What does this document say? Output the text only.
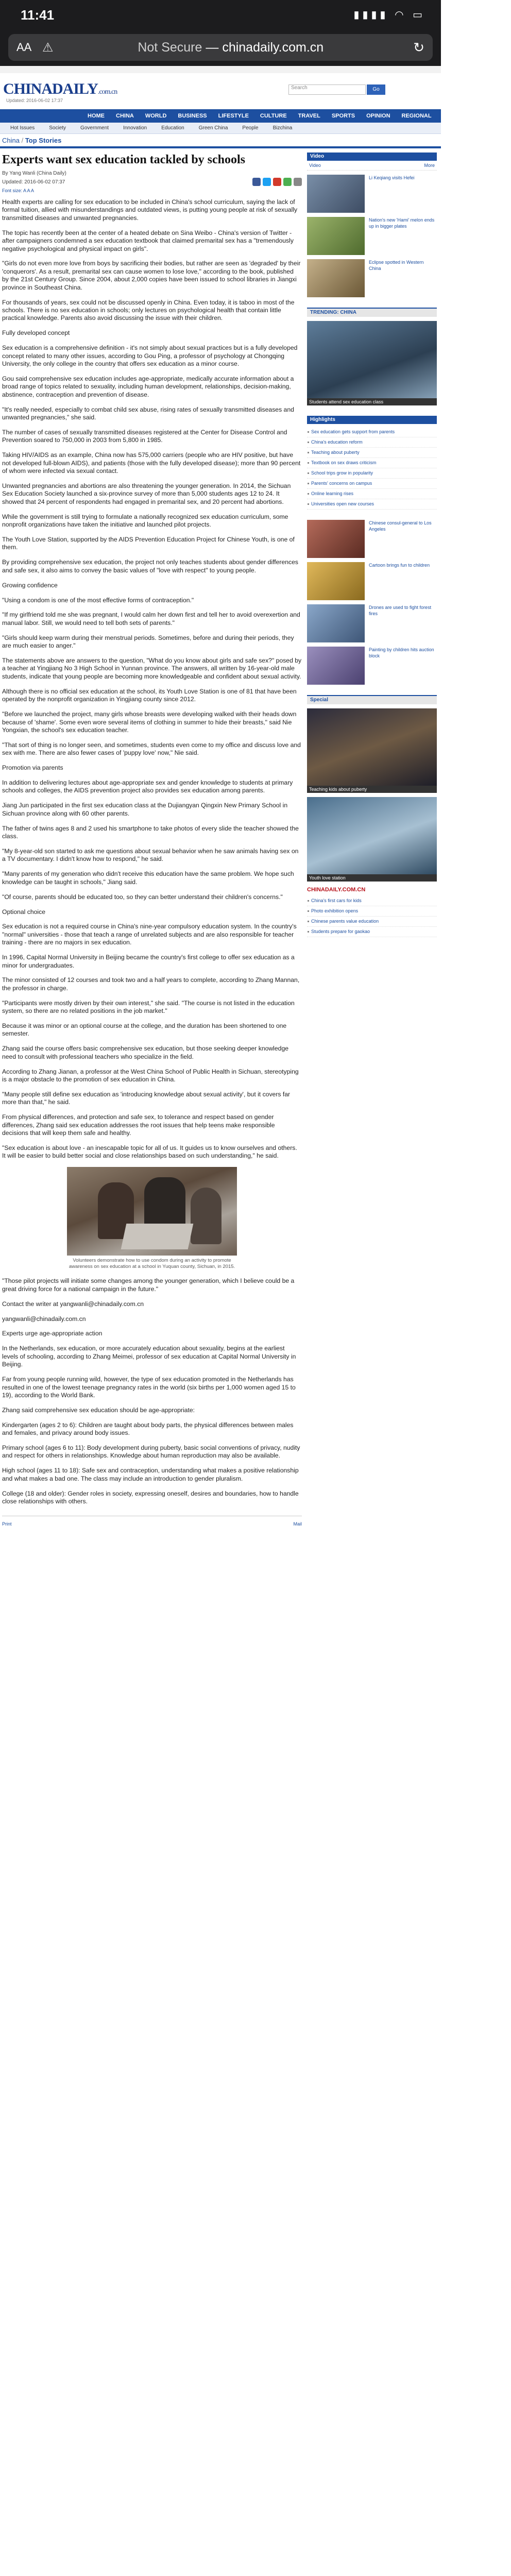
11:41	▮▮▮▮ ◠ ▭
AA ⚠	Not Secure — chinadaily.com.cn	↻
CHINADAILY.com.cn
Updated: 2016-06-02 17:37
Search	Go
HOME CHINA WORLD BUSINESS LIFESTYLE CULTURE TRAVEL SPORTS OPINION REGIONAL FORUM NEWSPAPER
Hot Issues	Society	Government	Innovation	Education	Green China	People	Bizchina
China / Top Stories
Experts want sex education tackled by schools
By Yang Wanli (China Daily)
Updated: 2016-06-02 07:37
Font size: A A A

Health experts are calling for sex education to be included in China's school curriculum, saying the lack of formal tuition, allied with misunderstandings and outdated views, is putting young people at risk of sexually transmitted diseases and unwanted pregnancies.

The topic has recently been at the center of a heated debate on Sina Weibo - China's version of Twitter - after campaigners condemned a sex education textbook that claimed premarital sex has a "tremendously negative psychological and physical impact on girls".

"Girls do not even more love from boys by sacrificing their bodies, but rather are seen as 'degraded' by their 'conquerors'. As a result, premarital sex can cause women to lose love," according to the book, published by the 21st Century Group. Since 2004, about 2,000 copies have been issued to school libraries in Jiangxi province in Southeast China.

For thousands of years, sex could not be discussed openly in China. Even today, it is taboo in most of the schools. There is no sex education in schools; only lectures on psychological health that contain little practical knowledge. Parents also avoid discussing the issue with their children.

Fully developed concept

Sex education is a comprehensive definition - it's not simply about sexual practices but is a fully developed concept related to many other issues, according to Gou Ping, a professor of psychology at Chongqing University, the only college in the country that offers sex education as a minor course.

Gou said comprehensive sex education includes age-appropriate, medically accurate information about a broad range of topics related to sexuality, including human development, relationships, decision-making, abstinence, contraception and prevention of disease.

"It's really needed, especially to combat child sex abuse, rising rates of sexually transmitted diseases and unwanted pregnancies," she said.

The number of cases of sexually transmitted diseases registered at the Center for Disease Control and Prevention soared to 750,000 in 2003 from 5,800 in 1985.

Taking HIV/AIDS as an example, China now has 575,000 carriers (people who are HIV positive, but have not developed full-blown AIDS), and patients (those with the fully developed disease); more than 90 percent of whom were infected via sexual contact.

Unwanted pregnancies and abortions are also threatening the younger generation. In 2014, the Sichuan Sex Education Society launched a six-province survey of more than 5,000 students ages 12 to 24. It showed that 24 percent of respondents had engaged in premarital sex, and 20 percent had abortions.

While the government is still trying to formulate a nationally recognized sex education curriculum, some nonprofit organizations have taken the initiative and launched pilot projects.

The Youth Love Station, supported by the AIDS Prevention Education Project for Chinese Youth, is one of them.

By providing comprehensive sex education, the project not only teaches students about gender differences and safe sex, it also aims to convey the basic values of "love with respect" to young people.

Growing confidence

"Using a condom is one of the most effective forms of contraception."

"If my girlfriend told me she was pregnant, I would calm her down first and tell her to avoid overexertion and manual labor. Still, we would need to tell both sets of parents."

"Girls should keep warm during their menstrual periods. Sometimes, before and during their periods, they are much easier to anger."

The statements above are answers to the question, "What do you know about girls and safe sex?" posed by a teacher at Yingjiang No 3 High School in Yunnan province. The answers, all written by 16-year-old male students, indicate that young people are becoming more knowledgeable and confident about sexual activity.

Although there is no official sex education at the school, its Youth Love Station is one of 81 that have been operated by the nonprofit organization in Yingjiang county since 2012.

"Before we launched the project, many girls whose breasts were developing walked with their heads down because of 'shame'. Some even wore several items of clothing in summer to hide their breasts," said Nie Yongxian, the school's sex education teacher.

"That sort of thing is no longer seen, and sometimes, students even come to my office and discuss love and sex with me. There are also fewer cases of 'puppy love' now," Nie said.

Promotion via parents

In addition to delivering lectures about age-appropriate sex and gender knowledge to students at primary schools and colleges, the AIDS prevention project also provides sex education among parents.

Jiang Jun participated in the first sex education class at the Dujiangyan Qingxin New Primary School in Sichuan province along with 60 other parents.

The father of twins ages 8 and 2 used his smartphone to take photos of every slide the teacher showed the class.

"My 8-year-old son started to ask me questions about sexual behavior when he saw animals having sex on a TV documentary. I didn't know how to respond," he said.

"Many parents of my generation who didn't receive this education have the same problem. We hope such knowledge can be taught in schools," Jiang said.

"Of course, parents should be educated too, so they can better understand their children's concerns."

Optional choice

Sex education is not a required course in China's nine-year compulsory education system. In the country's "normal" universities - those that teach a range of unrelated subjects and are also responsible for teacher training - there are no majors in sex education.

In 1996, Capital Normal University in Beijing became the country's first college to offer sex education as a minor for undergraduates.

The minor consisted of 12 courses and took two and a half years to complete, according to Zhang Mannan, the professor in charge.

"Participants were mostly driven by their own interest," she said. "The course is not listed in the education system, so there are no related positions in the job market."

Because it was minor or an optional course at the college, and the duration has been shortened to one semester.

Zhang said the course offers basic comprehensive sex education, but those seeking deeper knowledge need to consult with professional teachers who specialize in the field.

According to Zhang Jianan, a professor at the West China School of Public Health in Sichuan, stereotyping is a major obstacle to the promotion of sex education in China.

"Many people still define sex education as 'introducing knowledge about sexual activity', but it covers far more than that," he said.

From physical differences, and protection and safe sex, to tolerance and respect based on gender differences, Zhang said sex education addresses the root issues that help teens make responsible decisions that will keep them safe and healthy.

"Sex education is about love - an inescapable topic for all of us. It guides us to know ourselves and others. It will be easier to build better social and close relationships based on such understanding," he said.

Volunteers demonstrate how to use condom during an activity to promote awareness on sex education at a school in Yuquan county, Sichuan, in 2015.

"Those pilot projects will initiate some changes among the younger generation, which I believe could be a great driving force for a national campaign in the future."

Contact the writer at yangwanli@chinadaily.com.cn

yangwanli@chinadaily.com.cn

Experts urge age-appropriate action

In the Netherlands, sex education, or more accurately education about sexuality, begins at the earliest levels of schooling, according to Zhang Meimei, professor of sex education at Capital Normal University in Beijing.

Far from young people running wild, however, the type of sex education promoted in the Netherlands has resulted in one of the lowest teenage pregnancy rates in the world (six births per 1,000 women aged 15 to 19), according to the World Bank.

Zhang said comprehensive sex education should be age-appropriate:

Kindergarten (ages 2 to 6): Children are taught about body parts, the physical differences between males and females, and privacy around body issues.

Primary school (ages 6 to 11): Body development during puberty, basic social conventions of privacy, nudity and respect for others in relationships. Knowledge about human reproduction may also be available.

High school (ages 11 to 18): Safe sex and contraception, understanding what makes a positive relationship and what makes a bad one. The class may include an introduction to gender pluralism.

College (18 and older): Gender roles in society, expressing oneself, desires and boundaries, how to handle close relationships with others.

Print	Mail
Video
Video	More
Li Keqiang visits Hefei
Nation's new 'Hami' melon ends up in bigger plates
Eclipse spotted in Western China
TRENDING: CHINA
Students attend sex education class
Highlights
Sex education gets support from parents
China's education reform
Teaching about puberty
Textbook on sex draws criticism
School trips grow in popularity
Parents' concerns on campus
Online learning rises
Universities open new courses
Chinese consul-general to Los Angeles
Cartoon brings fun to children
Drones are used to fight forest fires
Painting by children hits auction block
Special
Teaching kids about puberty
Youth love station
CHINADAILY.COM.CN
China's first cars for kids
Photo exhibition opens
Chinese parents value education
Students prepare for gaokao
